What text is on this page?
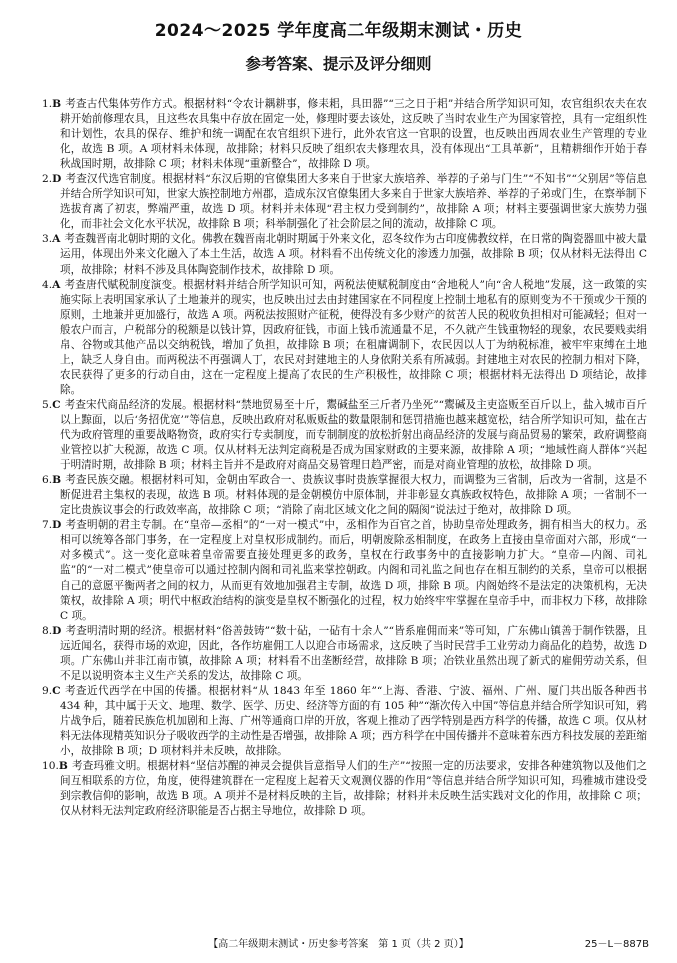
2024～2025 学年度高二年级期末测试・历史
参考答案、提示及评分细则

1.B 考查古代集体劳作方式。根据材料“令农计耦耕事，修耒耜，具田器”“三之日于耜”并结合所学知识可知，农官组织农夫在农耕开始前修理农具，且这些农具集中存放在固定一处，修理时要去该处，这反映了当时农业生产为国家管控，具有一定组织性和计划性，农具的保存、维护和统一调配在农官组织下进行，此外农官这一官职的设置，也反映出西周农业生产管理的专业化，故选 B 项。A 项材料未体现，故排除；材料只反映了组织农夫修理农具，没有体现出“工具革新”，且精耕细作开始于春秋战国时期，故排除 C 项；材料未体现“重新整合”，故排除 D 项。

2.D 考查汉代选官制度。根据材料“东汉后期的官僚集团大多来自于世家大族培养、举荐的子弟与门生”“不知书”“父别居”等信息并结合所学知识可知，世家大族控制地方州郡，造成东汉官僚集团大多来自于世家大族培养、举荐的子弟或门生，在察举制下选拔育离了初衷，弊端严重，故选 D 项。材料并未体现“君主权力受到制约”，故排除 A 项；材料主要强调世家大族势力强化，而非社会文化水平状况，故排除 B 项；科举制强化了社会阶层之间的流动，故排除 C 项。

3.A 考查魏晋南北朝时期的文化。佛教在魏晋南北朝时期属于外来文化，忍冬纹作为古印度佛教纹样，在日常的陶瓷器皿中被大量运用，体现出外来文化融入了本土生活，故选 A 项。材料看不出传统文化的渗透力加强，故排除 B 项；仅从材料无法得出 C 项，故排除；材料不涉及具体陶瓷制作技术，故排除 D 项。

4.A 考查唐代赋税制度演变。根据材料并结合所学知识可知，两税法使赋税制度由“舍地税人”向“舍人税地”发展，这一政策的实施实际上表明国家承认了土地兼并的现实，也反映出过去由封建国家在不同程度上控制土地私有的原则变为不干预或少干预的原则，土地兼并更加盛行，故选 A 项。两税法按照财产征税，使得没有多少财产的贫苦人民的税收负担相对可能减轻；但对一般农户而言，户税部分的税额是以钱计算，因政府征钱，市面上钱币流通量不足，不久就产生钱重物轻的现象，农民要贱卖绢帛、谷物或其他产品以交纳税钱，增加了负担，故排除 B 项；在租庸调制下，农民因以人丁为纳税标准，被牢牢束缚在土地上，缺乏人身自由。而两税法不再强调人丁，农民对封建地主的人身依附关系有所减弱。封建地主对农民的控制力相对下降，农民获得了更多的行动自由，这在一定程度上提高了农民的生产积极性，故排除 C 项；根据材料无法得出 D 项结论，故排除。

5.C 考查宋代商品经济的发展。根据材料“禁地贸易至十斤，鬻碱盐至三斤者乃坐死”“鬻碱及主吏盗贩至百斤以上，盐入城市百斤以上黥面，以后‘务招优宽’”等信息，反映出政府对私贩贩盐的数量限制和惩罚措施也越来越宽松，结合所学知识可知，盐在古代为政府管理的重要战略物资，政府实行专卖制度，而专制制度的放松折射出商品经济的发展与商品贸易的繁荣，政府调整商业管控以扩大税源，故选 C 项。仅从材料无法判定商税是否成为国家财政的主要来源，故排除 A 项；“地域性商人群体”兴起于明清时期，故排除 B 项；材料主旨并不是政府对商品交易管理日趋严密，而是对商业管理的放松，故排除 D 项。

6.B 考查民族交融。根据材料可知，金朝由军政合一、贵族议事时贵族掌握很大权力，而调整为三省制，后改为一省制，这是不断促进君主集权的表现，故选 B 项。材料体现的是金朝模仿中原体制，并非彰显女真族政权特色，故排除 A 项；一省制不一定比贵族议事会的行政效率高，故排除 C 项；“消除了南北区域文化之间的隔阂”说法过于绝对，故排除 D 项。

7.D 考查明朝的君主专制。在“皇帝—丞相”的“一对一模式”中，丞相作为百官之首，协助皇帝处理政务，拥有相当大的权力。丞相可以统筹各部门事务，在一定程度上对皇权形成制约。而后，明朝废除丞相制度，在政务上直接由皇帝面对六部，形成“一对多模式”。这一变化意味着皇帝需要直接处理更多的政务，皇权在行政事务中的直接影响力扩大。“皇帝—内阁、司礼监”的“一对二模式”使皇帝可以通过控制内阁和司礼监来掌控朝政。内阁和司礼监之间也存在相互制约的关系，皇帝可以根据自己的意愿平衡两者之间的权力，从而更有效地加强君主专制，故选 D 项，排除 B 项。内阁始终不是法定的决策机构，无决策权，故排除 A 项；明代中枢政治结构的演变是皇权不断强化的过程，权力始终牢牢掌握在皇帝手中，而非权力下移，故排除 C 项。

8.D 考查明清时期的经济。根据材料“俗善鼓铸”“数十砧，一砧有十余人”“皆系雇佣而来”等可知，广东佛山镇善于制作铁器，且远近闻名，获得市场的欢迎，因此，各作坊雇佣工人以迎合市场需求，这反映了当时民营手工业劳动力商品化的趋势，故选 D 项。广东佛山并非江南市镇，故排除 A 项；材料看不出垄断经营，故排除 B 项；冶铁业虽然出现了新式的雇佣劳动关系，但不足以说明资本主义生产关系的发达，故排除 C 项。

9.C 考查近代西学在中国的传播。根据材料“从 1843 年至 1860 年”“上海、香港、宁波、福州、广州、厦门共出版各种西书 434 种，其中属于天文、地理、数学、医学、历史、经济等方面的有 105 种”“渐次传入中国”等信息并结合所学知识可知，鸦片战争后，随着民族危机加剧和上海、广州等通商口岸的开放，客观上推动了西学特别是西方科学的传播，故选 C 项。仅从材料无法体现精英知识分子吸收西学的主动性是否增强，故排除 A 项；西方科学在中国传播并不意味着东西方科技发展的差距缩小，故排除 B 项；D 项材料并未反映，故排除。

10.B 考查玛雅文明。根据材料“坚信苏醒的神灵会提供旨意指导人们的生产”“按照一定的历法要求，安排各种建筑物以及他们之间互相联系的方位，角度，使得建筑群在一定程度上起着天文观测仪器的作用”等信息并结合所学知识可知，玛雅城市建设受到宗教信仰的影响，故选 B 项。A 项并不是材料反映的主旨，故排除；材料并未反映生活实践对文化的作用，故排除 C 项；仅从材料无法判定政府经济职能是否占据主导地位，故排除 D 项。

【高二年级期末测试・历史参考答案　第 1 页（共 2 页）】	25－L－887B
